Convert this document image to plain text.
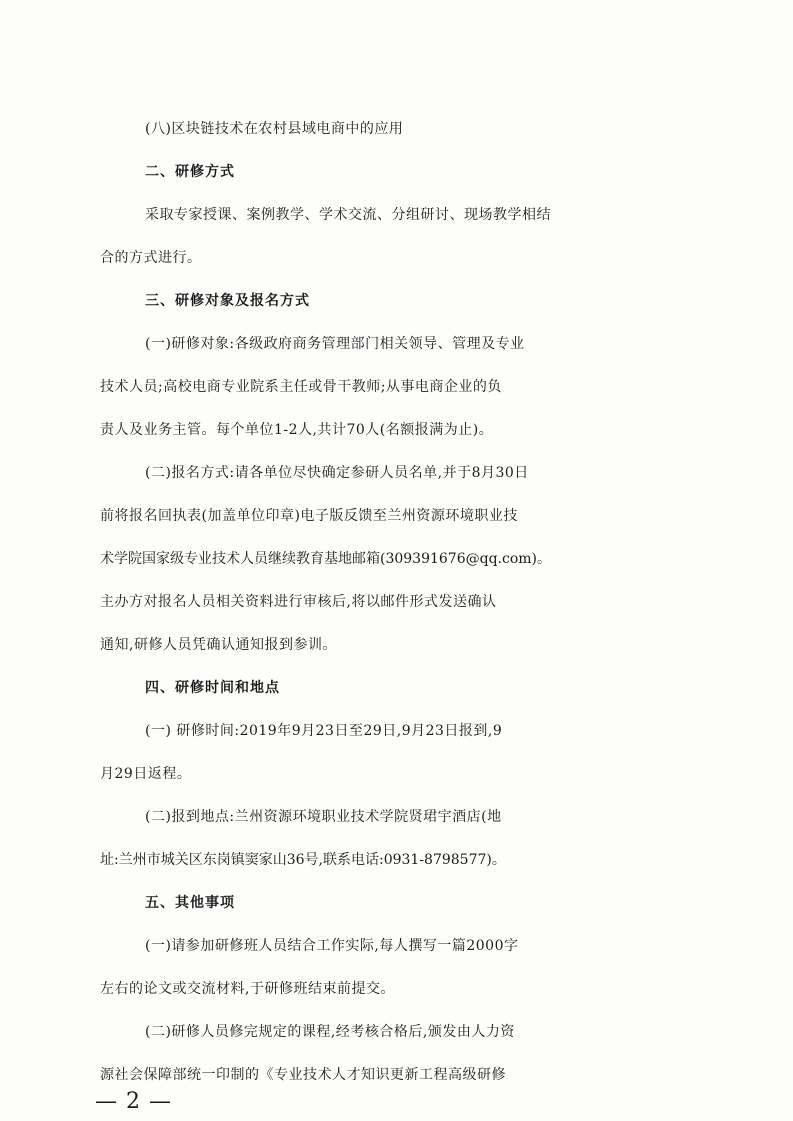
(八)区块链技术在农村县域电商中的应用
二、研修方式
采取专家授课、案例教学、学术交流、分组研讨、现场教学相结
合的方式进行。
三、研修对象及报名方式
(一)研修对象:各级政府商务管理部门相关领导、管理及专业
技术人员;高校电商专业院系主任或骨干教师;从事电商企业的负
责人及业务主管。每个单位1-2人,共计70人(名额报满为止)。
(二)报名方式:请各单位尽快确定参研人员名单,并于8月30日
前将报名回执表(加盖单位印章)电子版反馈至兰州资源环境职业技
术学院国家级专业技术人员继续教育基地邮箱(309391676@qq.com)。
主办方对报名人员相关资料进行审核后,将以邮件形式发送确认
通知,研修人员凭确认通知报到参训。
四、研修时间和地点
(一) 研修时间:2019年9月23日至29日,9月23日报到,9
月29日返程。
(二)报到地点:兰州资源环境职业技术学院贤珺宇酒店(地
址:兰州市城关区东岗镇窦家山36号,联系电话:0931-8798577)。
五、其他事项
(一)请参加研修班人员结合工作实际,每人撰写一篇2000字
左右的论文或交流材料,于研修班结束前提交。
(二)研修人员修完规定的课程,经考核合格后,颁发由人力资
源社会保障部统一印制的《专业技术人才知识更新工程高级研修
— 2 —
